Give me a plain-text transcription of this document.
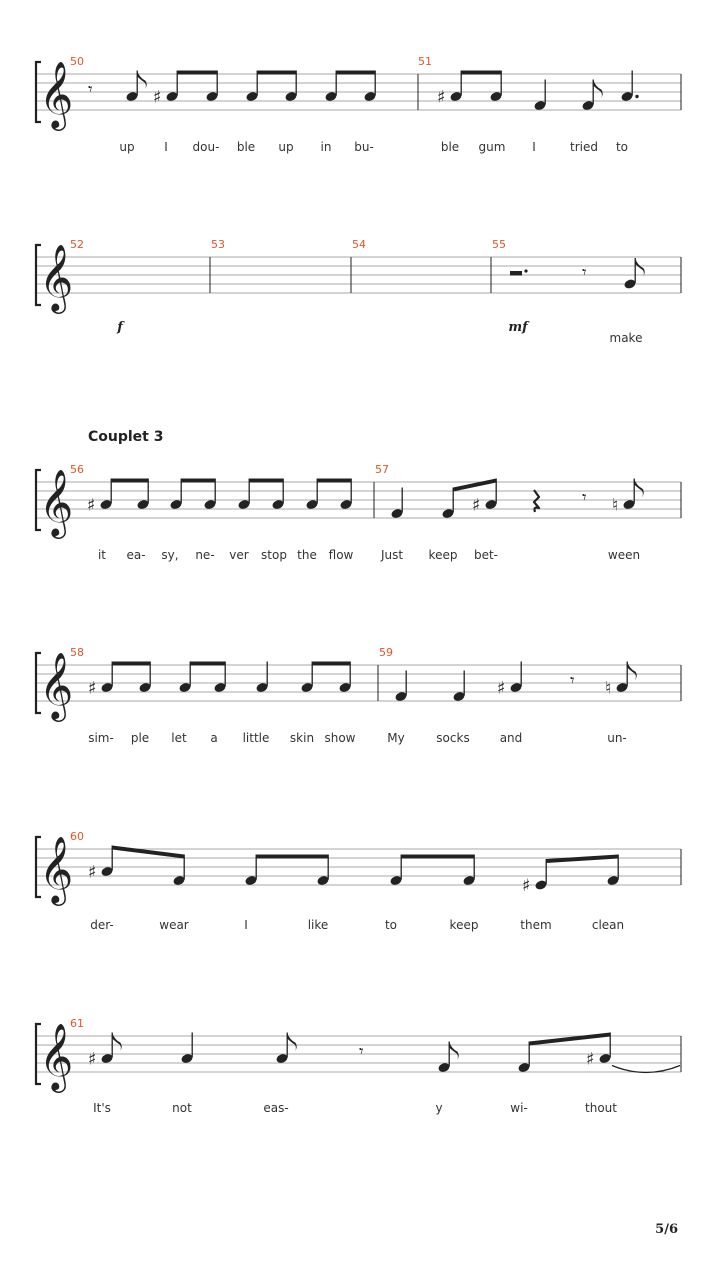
𝄞
50	51
up I dou- ble up in bu-	ble gum I	tried to
𝄾	♯	♯
𝄞
52
f
53	54	55
mf
make
𝄾
𝄞
56	57
Couplet 3
it ea- sy, ne- ver stop the flow Just keep bet-	ween
♯	♯	𝄾 ♮
𝄞
58	59
sim- ple let a little skin show	My	socks	and	un-
♯	♯	𝄾 ♮
𝄞
60
der-	wear	I	like	to	keep	them	clean
♯
♯
𝄞
61
It's	not	eas-	y	wi-	thout
♯	𝄾	♯
5/6
